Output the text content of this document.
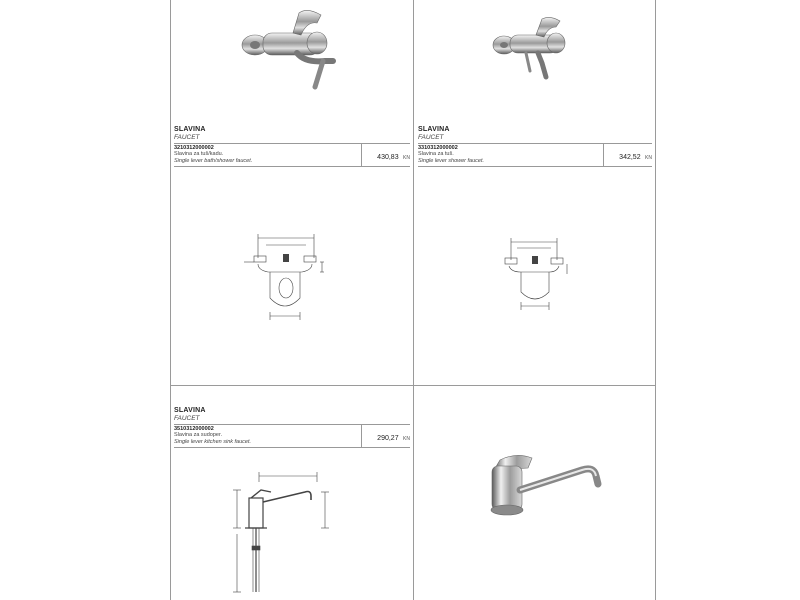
SLAVINA
FAUCET
3210312000002
Slavina za tuš/kadu.
Single lever bath/shower faucet.	430,83 KN
SLAVINA
FAUCET
3310312000002
Slavina za tuš.
Single lever shower faucet.	342,52 KN
SLAVINA
FAUCET
3510312000002
Slavina za sudoper.
Single lever kitchen sink faucet.	290,27 KN
